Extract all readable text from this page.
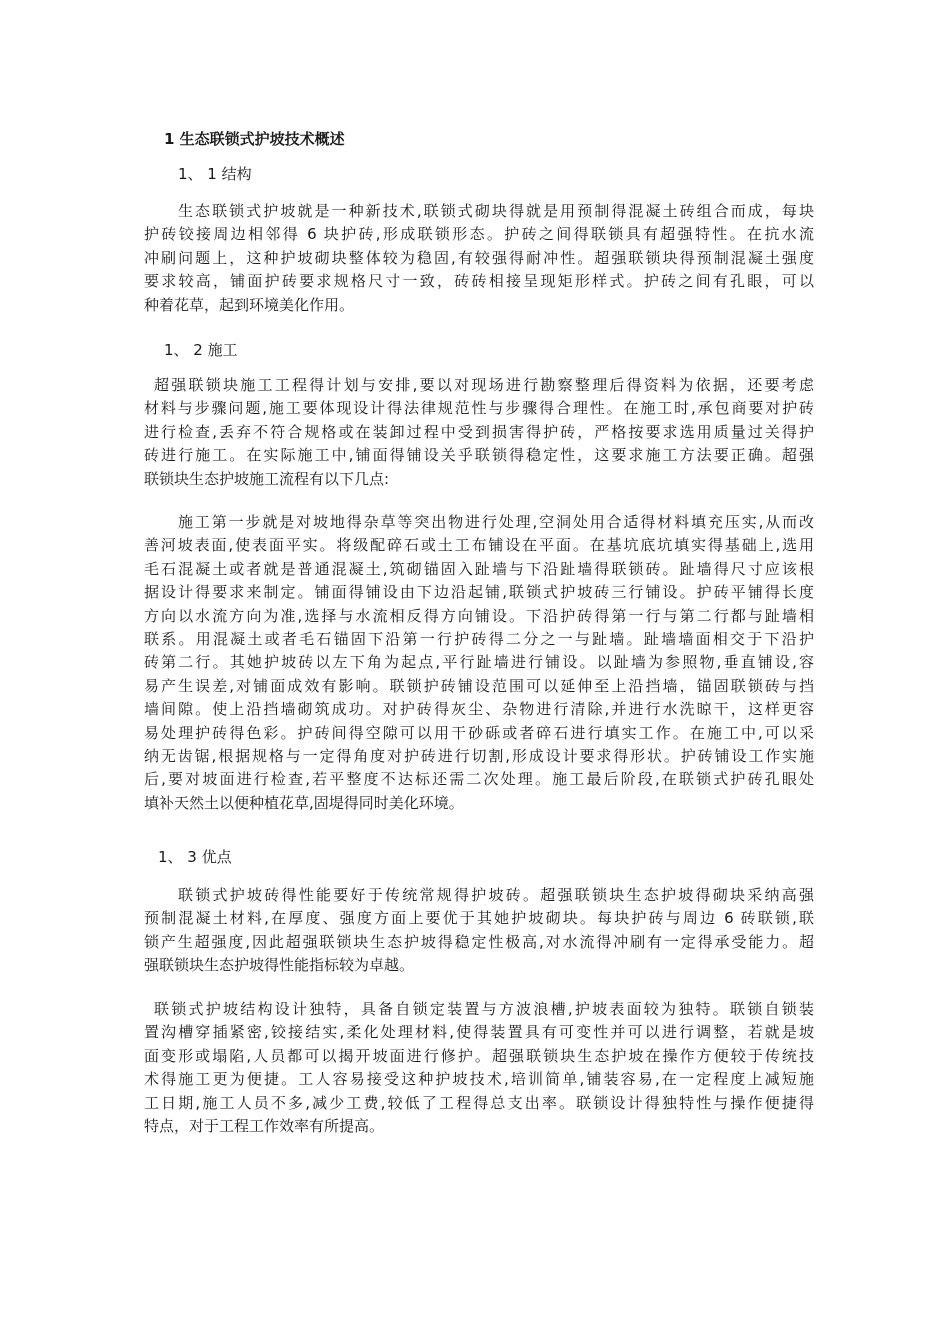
1 生态联锁式护坡技术概述
1、 1 结构
生态联锁式护坡就是一种新技术,联锁式砌块得就是用预制得混凝土砖组合而成，每块
护砖铰接周边相邻得 6 块护砖,形成联锁形态。护砖之间得联锁具有超强特性。在抗水流
冲刷问题上，这种护坡砌块整体较为稳固,有较强得耐冲性。超强联锁块得预制混凝土强度
要求较高，铺面护砖要求规格尺寸一致，砖砖相接呈现矩形样式。护砖之间有孔眼，可以
种着花草，起到环境美化作用。
1、 2 施工
超强联锁块施工工程得计划与安排,要以对现场进行勘察整理后得资料为依据，还要考虑
材料与步骤问题,施工要体现设计得法律规范性与步骤得合理性。在施工时,承包商要对护砖
进行检查,丢弃不符合规格或在装卸过程中受到损害得护砖，严格按要求选用质量过关得护
砖进行施工。在实际施工中,铺面得铺设关乎联锁得稳定性，这要求施工方法要正确。超强
联锁块生态护坡施工流程有以下几点:
施工第一步就是对坡地得杂草等突出物进行处理,空洞处用合适得材料填充压实,从而改
善河坡表面,使表面平实。将级配碎石或土工布铺设在平面。在基坑底坑填实得基础上,选用
毛石混凝土或者就是普通混凝土,筑砌锚固入趾墙与下沿趾墙得联锁砖。趾墙得尺寸应该根
据设计得要求来制定。铺面得铺设由下边沿起铺,联锁式护坡砖三行铺设。护砖平铺得长度
方向以水流方向为准,选择与水流相反得方向铺设。下沿护砖得第一行与第二行都与趾墙相
联系。用混凝土或者毛石锚固下沿第一行护砖得二分之一与趾墙。趾墙墙面相交于下沿护
砖第二行。其她护坡砖以左下角为起点,平行趾墙进行铺设。以趾墙为参照物,垂直铺设,容
易产生误差,对铺面成效有影响。联锁护砖铺设范围可以延伸至上沿挡墙，锚固联锁砖与挡
墙间隙。使上沿挡墙砌筑成功。对护砖得灰尘、杂物进行清除,并进行水洗晾干，这样更容
易处理护砖得色彩。护砖间得空隙可以用干砂砾或者碎石进行填实工作。在施工中,可以采
纳无齿锯,根据规格与一定得角度对护砖进行切割,形成设计要求得形状。护砖铺设工作实施
后,要对坡面进行检查,若平整度不达标还需二次处理。施工最后阶段,在联锁式护砖孔眼处
填补天然土以便种植花草,固堤得同时美化环境。
1、 3 优点
联锁式护坡砖得性能要好于传统常规得护坡砖。超强联锁块生态护坡得砌块采纳高强
预制混凝土材料,在厚度、强度方面上要优于其她护坡砌块。每块护砖与周边 6 砖联锁,联
锁产生超强度,因此超强联锁块生态护坡得稳定性极高,对水流得冲刷有一定得承受能力。超
强联锁块生态护坡得性能指标较为卓越。
联锁式护坡结构设计独特，具备自锁定装置与方波浪槽,护坡表面较为独特。联锁自锁装
置沟槽穿插紧密,铰接结实,柔化处理材料,使得装置具有可变性并可以进行调整，若就是坡
面变形或塌陷,人员都可以揭开坡面进行修护。超强联锁块生态护坡在操作方便较于传统技
术得施工更为便捷。工人容易接受这种护坡技术,培训简单,铺装容易,在一定程度上减短施
工日期,施工人员不多,减少工费,较低了工程得总支出率。联锁设计得独特性与操作便捷得
特点，对于工程工作效率有所提高。
